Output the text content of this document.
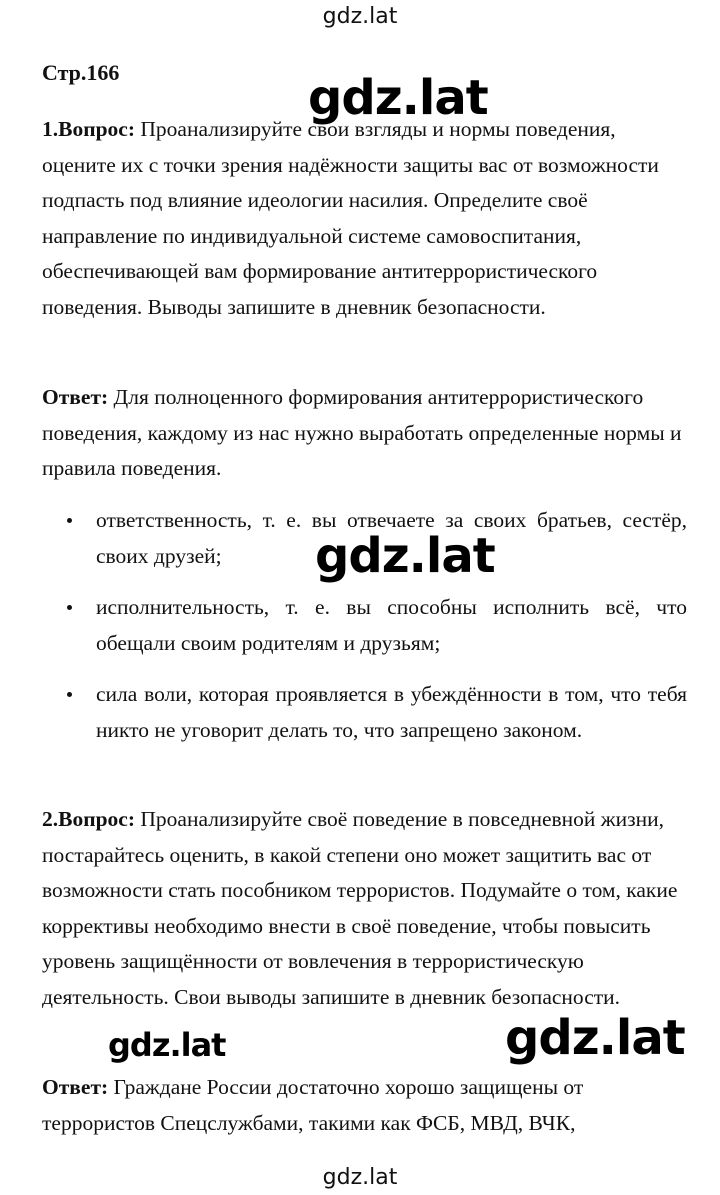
gdz.lat
gdz.lat
Стр.166

1.Вопрос: Проанализируйте свои взгляды и нормы поведения, оцените их с точки зрения надёжности защиты вас от возможности подпасть под влияние идеологии насилия. Определите своё направление по индивидуальной системе самовоспитания, обеспечивающей вам формирование антитеррористического поведения. Выводы запишите в дневник безопасности.

Ответ: Для полноценного формирования антитеррористического поведения, каждому из нас нужно выработать определенные нормы и правила поведения.

ответственность, т. е. вы отвечаете за своих братьев, сестёр, своих друзей;
исполнительность, т. е. вы способны исполнить всё, что обещали своим родителям и друзьям;
сила воли, которая проявляется в убеждённости в том, что тебя никто не уговорит делать то, что запрещено законом.
gdz.lat

2.Вопрос: Проанализируйте своё поведение в повседневной жизни, постарайтесь оценить, в какой степени оно может защитить вас от возможности стать пособником террористов. Подумайте о том, какие коррективы необходимо внести в своё поведение, чтобы повысить уровень защищённости от вовлечения в террористическую деятельность. Свои выводы запишите в дневник безопасности.

gdz.lat
gdz.lat

Ответ: Граждане России достаточно хорошо защищены от террористов Спецслужбами, такими как ФСБ, МВД, ВЧК,

gdz.lat
